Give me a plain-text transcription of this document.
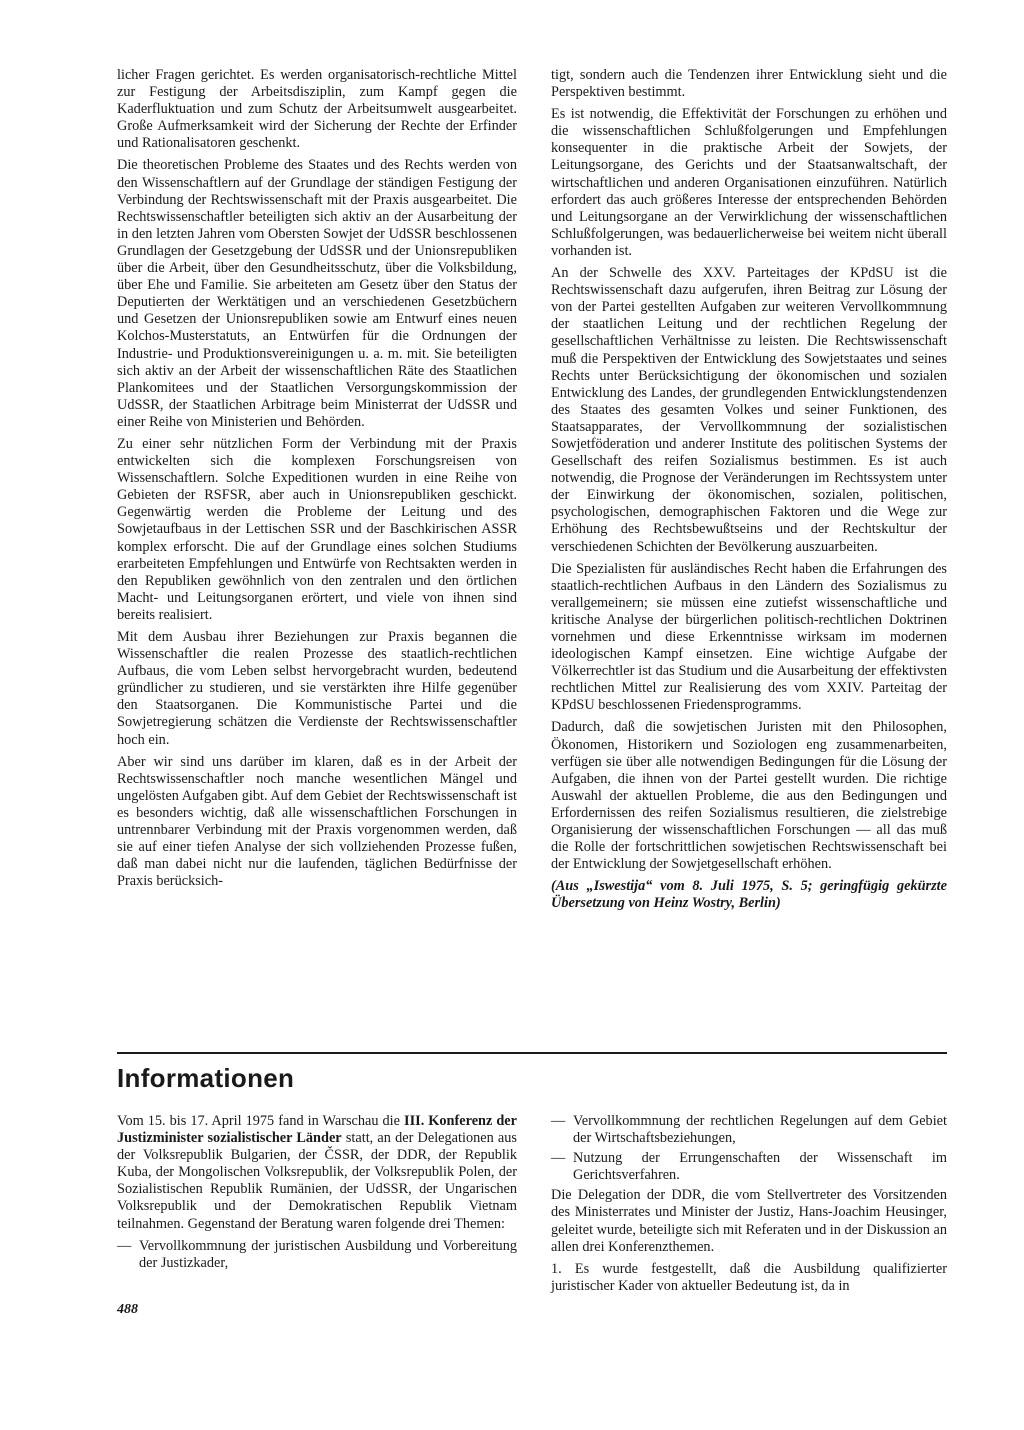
licher Fragen gerichtet. Es werden organisatorisch-rechtliche Mittel zur Festigung der Arbeitsdisziplin, zum Kampf gegen die Kaderfluktuation und zum Schutz der Arbeitsumwelt ausgearbeitet. Große Aufmerksamkeit wird der Sicherung der Rechte der Erfinder und Rationalisatoren geschenkt.

Die theoretischen Probleme des Staates und des Rechts werden von den Wissenschaftlern auf der Grundlage der ständigen Festigung der Verbindung der Rechtswissenschaft mit der Praxis ausgearbeitet. Die Rechtswissenschaftler beteiligten sich aktiv an der Ausarbeitung der in den letzten Jahren vom Obersten Sowjet der UdSSR beschlossenen Grundlagen der Gesetzgebung der UdSSR und der Unionsrepubliken über die Arbeit, über den Gesundheitsschutz, über die Volksbildung, über Ehe und Familie. Sie arbeiteten am Gesetz über den Status der Deputierten der Werktätigen und an verschiedenen Gesetzbüchern und Gesetzen der Unionsrepubliken sowie am Entwurf eines neuen Kolchos-Musterstatuts, an Entwürfen für die Ordnungen der Industrie- und Produktionsvereinigungen u. a. m. mit. Sie beteiligten sich aktiv an der Arbeit der wissenschaftlichen Räte des Staatlichen Plankomitees und der Staatlichen Versorgungskommission der UdSSR, der Staatlichen Arbitrage beim Ministerrat der UdSSR und einer Reihe von Ministerien und Behörden.

Zu einer sehr nützlichen Form der Verbindung mit der Praxis entwickelten sich die komplexen Forschungsreisen von Wissenschaftlern. Solche Expeditionen wurden in eine Reihe von Gebieten der RSFSR, aber auch in Unionsrepubliken geschickt. Gegenwärtig werden die Probleme der Leitung und des Sowjetaufbaus in der Lettischen SSR und der Baschkirischen ASSR komplex erforscht. Die auf der Grundlage eines solchen Studiums erarbeiteten Empfehlungen und Entwürfe von Rechtsakten werden in den Republiken gewöhnlich von den zentralen und den örtlichen Macht- und Leitungsorganen erörtert, und viele von ihnen sind bereits realisiert.

Mit dem Ausbau ihrer Beziehungen zur Praxis begannen die Wissenschaftler die realen Prozesse des staatlich-rechtlichen Aufbaus, die vom Leben selbst hervorgebracht wurden, bedeutend gründlicher zu studieren, und sie verstärkten ihre Hilfe gegenüber den Staatsorganen. Die Kommunistische Partei und die Sowjetregierung schätzen die Verdienste der Rechtswissenschaftler hoch ein.

Aber wir sind uns darüber im klaren, daß es in der Arbeit der Rechtswissenschaftler noch manche wesentlichen Mängel und ungelösten Aufgaben gibt. Auf dem Gebiet der Rechtswissenschaft ist es besonders wichtig, daß alle wissenschaftlichen Forschungen in untrennbarer Verbindung mit der Praxis vorgenommen werden, daß sie auf einer tiefen Analyse der sich vollziehenden Prozesse fußen, daß man dabei nicht nur die laufenden, täglichen Bedürfnisse der Praxis berücksich-

tigt, sondern auch die Tendenzen ihrer Entwicklung sieht und die Perspektiven bestimmt.

Es ist notwendig, die Effektivität der Forschungen zu erhöhen und die wissenschaftlichen Schlußfolgerungen und Empfehlungen konsequenter in die praktische Arbeit der Sowjets, der Leitungsorgane, des Gerichts und der Staatsanwaltschaft, der wirtschaftlichen und anderen Organisationen einzuführen. Natürlich erfordert das auch größeres Interesse der entsprechenden Behörden und Leitungsorgane an der Verwirklichung der wissenschaftlichen Schlußfolgerungen, was bedauerlicherweise bei weitem nicht überall vorhanden ist.

An der Schwelle des XXV. Parteitages der KPdSU ist die Rechtswissenschaft dazu aufgerufen, ihren Beitrag zur Lösung der von der Partei gestellten Aufgaben zur weiteren Vervollkommnung der staatlichen Leitung und der rechtlichen Regelung der gesellschaftlichen Verhältnisse zu leisten. Die Rechtswissenschaft muß die Perspektiven der Entwicklung des Sowjetstaates und seines Rechts unter Berücksichtigung der ökonomischen und sozialen Entwicklung des Landes, der grundlegenden Entwicklungstendenzen des Staates des gesamten Volkes und seiner Funktionen, des Staatsapparates, der Vervollkommnung der sozialistischen Sowjetföderation und anderer Institute des politischen Systems der Gesellschaft des reifen Sozialismus bestimmen. Es ist auch notwendig, die Prognose der Veränderungen im Rechtssystem unter der Einwirkung der ökonomischen, sozialen, politischen, psychologischen, demographischen Faktoren und die Wege zur Erhöhung des Rechtsbewußtseins und der Rechtskultur der verschiedenen Schichten der Bevölkerung auszuarbeiten.

Die Spezialisten für ausländisches Recht haben die Erfahrungen des staatlich-rechtlichen Aufbaus in den Ländern des Sozialismus zu verallgemeinern; sie müssen eine zutiefst wissenschaftliche und kritische Analyse der bürgerlichen politisch-rechtlichen Doktrinen vornehmen und diese Erkenntnisse wirksam im modernen ideologischen Kampf einsetzen. Eine wichtige Aufgabe der Völkerrechtler ist das Studium und die Ausarbeitung der effektivsten rechtlichen Mittel zur Realisierung des vom XXIV. Parteitag der KPdSU beschlossenen Friedensprogramms.

Dadurch, daß die sowjetischen Juristen mit den Philosophen, Ökonomen, Historikern und Soziologen eng zusammenarbeiten, verfügen sie über alle notwendigen Bedingungen für die Lösung der Aufgaben, die ihnen von der Partei gestellt wurden. Die richtige Auswahl der aktuellen Probleme, die aus den Bedingungen und Erfordernissen des reifen Sozialismus resultieren, die zielstrebige Organisierung der wissenschaftlichen Forschungen — all das muß die Rolle der fortschrittlichen sowjetischen Rechtswissenschaft bei der Entwicklung der Sowjetgesellschaft erhöhen.

(Aus „Iswestija“ vom 8. Juli 1975, S. 5; geringfügig gekürzte Übersetzung von Heinz Wostry, Berlin)

Informationen

Vom 15. bis 17. April 1975 fand in Warschau die III. Konferenz der Justizminister sozialistischer Länder statt, an der Delegationen aus der Volksrepublik Bulgarien, der ČSSR, der DDR, der Republik Kuba, der Mongolischen Volksrepublik, der Volksrepublik Polen, der Sozialistischen Republik Rumänien, der UdSSR, der Ungarischen Volksrepublik und der Demokratischen Republik Vietnam teilnahmen. Gegenstand der Beratung waren folgende drei Themen:

— Vervollkommnung der juristischen Ausbildung und Vorbereitung der Justizkader,
— Vervollkommnung der rechtlichen Regelungen auf dem Gebiet der Wirtschaftsbeziehungen,
— Nutzung der Errungenschaften der Wissenschaft im Gerichtsverfahren.

Die Delegation der DDR, die vom Stellvertreter des Vorsitzenden des Ministerrates und Minister der Justiz, Hans-Joachim Heusinger, geleitet wurde, beteiligte sich mit Referaten und in der Diskussion an allen drei Konferenzthemen.

1. Es wurde festgestellt, daß die Ausbildung qualifizierter juristischer Kader von aktueller Bedeutung ist, da in

488
